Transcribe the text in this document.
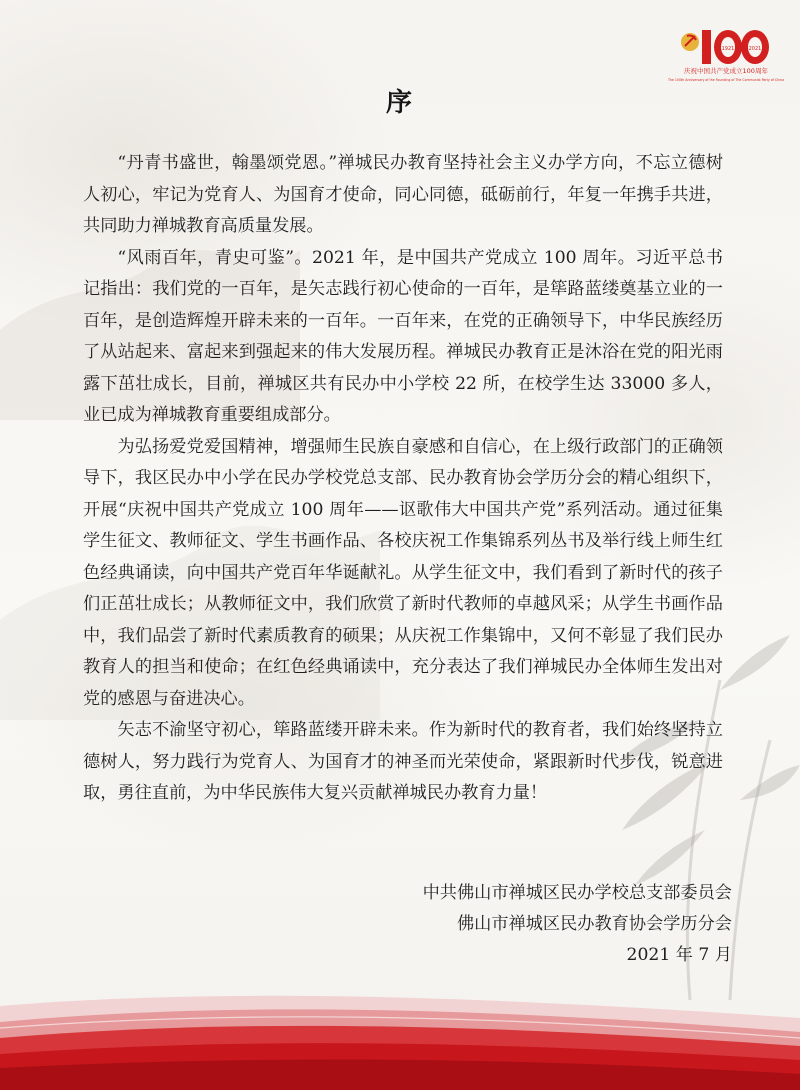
1921	2021
庆祝中国共产党成立100周年
The 100th Anniversary of the Founding of The Communist Party of China
序

“丹青书盛世，翰墨颂党恩。”禅城民办教育坚持社会主义办学方向，不忘立德树人初心，牢记为党育人、为国育才使命，同心同德，砥砺前行，年复一年携手共进，共同助力禅城教育高质量发展。

“风雨百年，青史可鉴”。2021 年，是中国共产党成立 100 周年。习近平总书记指出：我们党的一百年，是矢志践行初心使命的一百年，是筚路蓝缕奠基立业的一百年，是创造辉煌开辟未来的一百年。一百年来，在党的正确领导下，中华民族经历了从站起来、富起来到强起来的伟大发展历程。禅城民办教育正是沐浴在党的阳光雨露下茁壮成长，目前，禅城区共有民办中小学校 22 所，在校学生达 33000 多人，业已成为禅城教育重要组成部分。

为弘扬爱党爱国精神，增强师生民族自豪感和自信心，在上级行政部门的正确领导下，我区民办中小学在民办学校党总支部、民办教育协会学历分会的精心组织下，开展“庆祝中国共产党成立 100 周年——讴歌伟大中国共产党”系列活动。通过征集学生征文、教师征文、学生书画作品、各校庆祝工作集锦系列丛书及举行线上师生红色经典诵读，向中国共产党百年华诞献礼。从学生征文中，我们看到了新时代的孩子们正茁壮成长；从教师征文中，我们欣赏了新时代教师的卓越风采；从学生书画作品中，我们品尝了新时代素质教育的硕果；从庆祝工作集锦中，又何不彰显了我们民办教育人的担当和使命；在红色经典诵读中，充分表达了我们禅城民办全体师生发出对党的感恩与奋进决心。

矢志不渝坚守初心，筚路蓝缕开辟未来。作为新时代的教育者，我们始终坚持立德树人，努力践行为党育人、为国育才的神圣而光荣使命，紧跟新时代步伐，锐意进取，勇往直前，为中华民族伟大复兴贡献禅城民办教育力量！

中共佛山市禅城区民办学校总支部委员会
佛山市禅城区民办教育协会学历分会
2021 年 7 月
